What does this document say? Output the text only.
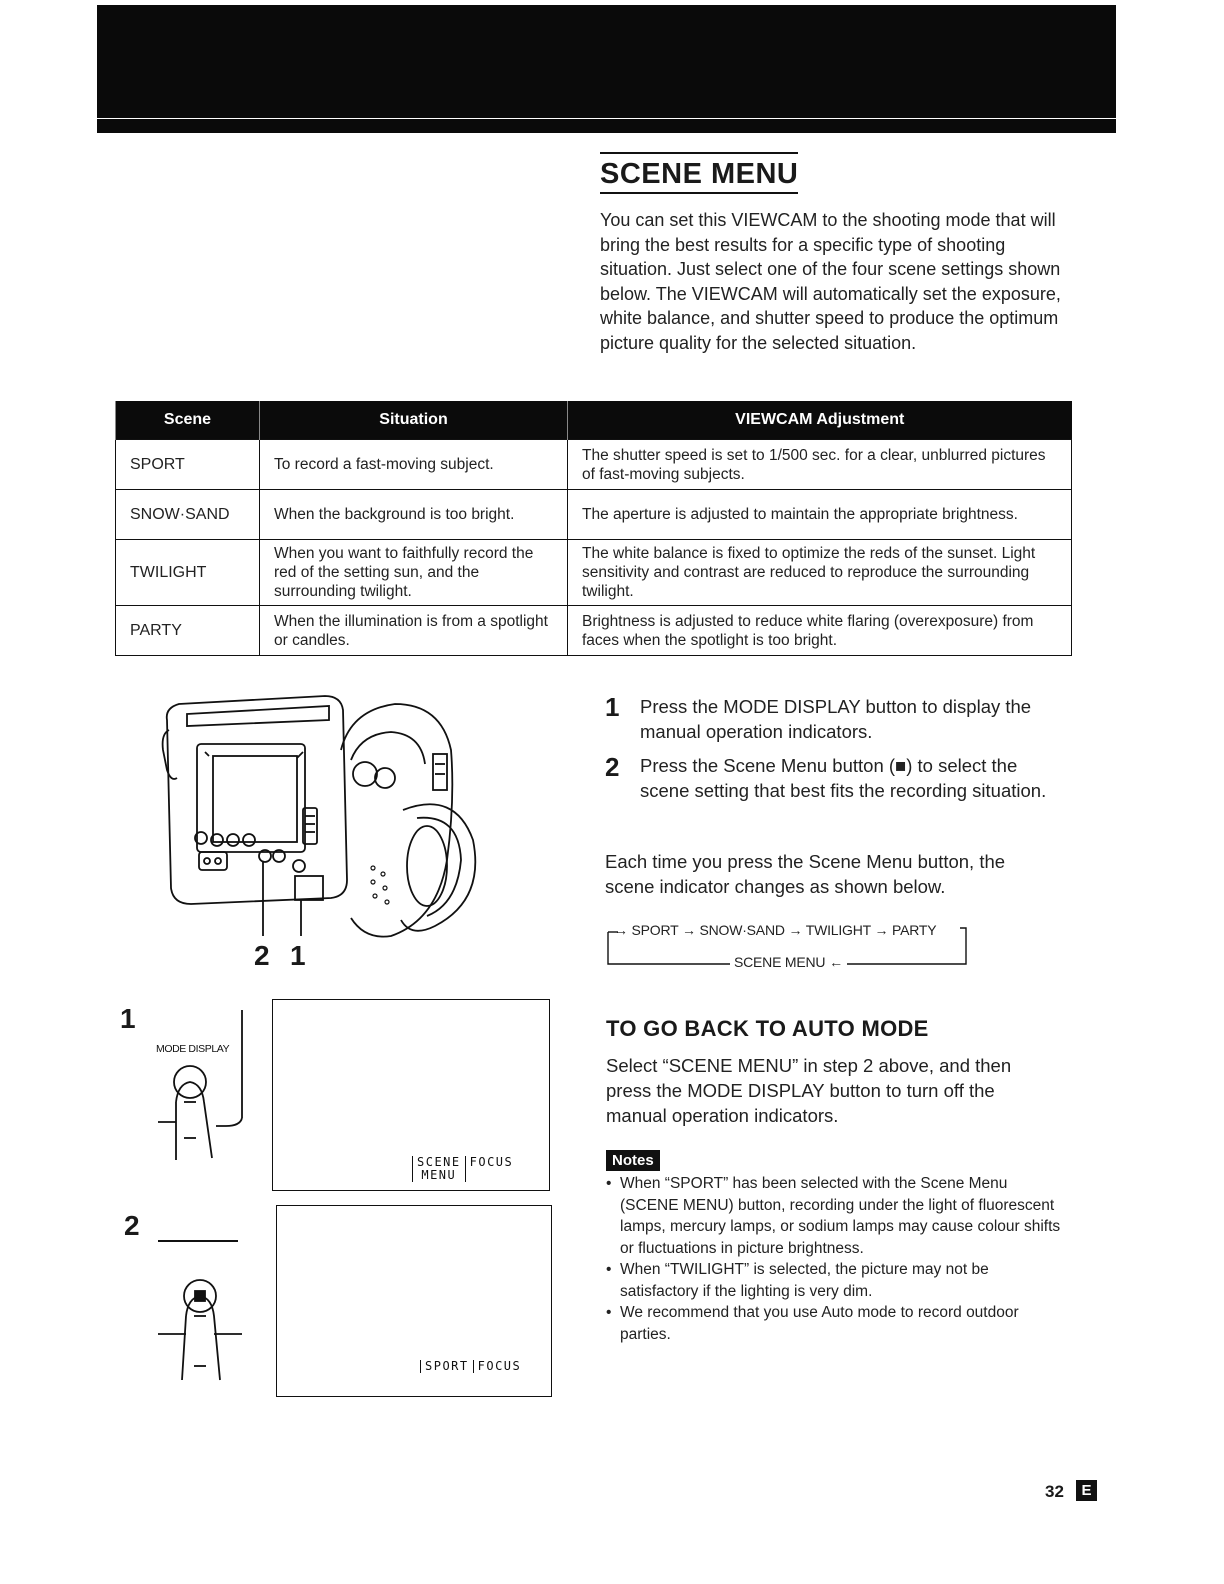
SCENE MENU
You can set this VIEWCAM to the shooting mode that will bring the best results for a specific type of shooting situation. Just select one of the four scene settings shown below. The VIEWCAM will automatically set the exposure, white balance, and shutter speed to produce the optimum picture quality for the selected situation.
Scene	Situation	VIEWCAM Adjustment
SPORT	To record a fast-moving subject.	The shutter speed is set to 1/500 sec. for a clear, unblurred pictures of fast-moving subjects.
SNOW·SAND	When the background is too bright.	The aperture is adjusted to maintain the appropriate brightness.
TWILIGHT	When you want to faithfully record the red of the setting sun, and the surrounding twilight.	The white balance is fixed to optimize the reds of the sunset. Light sensitivity and contrast are reduced to reproduce the surrounding twilight.
PARTY	When the illumination is from a spotlight or candles.	Brightness is adjusted to reduce white flaring (overexposure) from faces when the spotlight is too bright.
2 1
1 Press the MODE DISPLAY button to display the manual operation indicators.
2 Press the Scene Menu button (■) to select the scene setting that best fits the recording situation.
Each time you press the Scene Menu button, the scene indicator changes as shown below.
→ SPORT → SNOW·SAND → TWILIGHT → PARTY
SCENE MENU ←
TO GO BACK TO AUTO MODE
Select “SCENE MENU” in step 2 above, and then press the MODE DISPLAY button to turn off the manual operation indicators.
Notes
• When “SPORT” has been selected with the Scene Menu (SCENE MENU) button, recording under the light of fluorescent lamps, mercury lamps, or sodium lamps may cause colour shifts or fluctuations in picture brightness.
• When “TWILIGHT” is selected, the picture may not be satisfactory if the lighting is very dim.
• We recommend that you use Auto mode to record outdoor parties.
1
MODE DISPLAY
SCENE
MENU
FOCUS
2
SPORT FOCUS
32	E
